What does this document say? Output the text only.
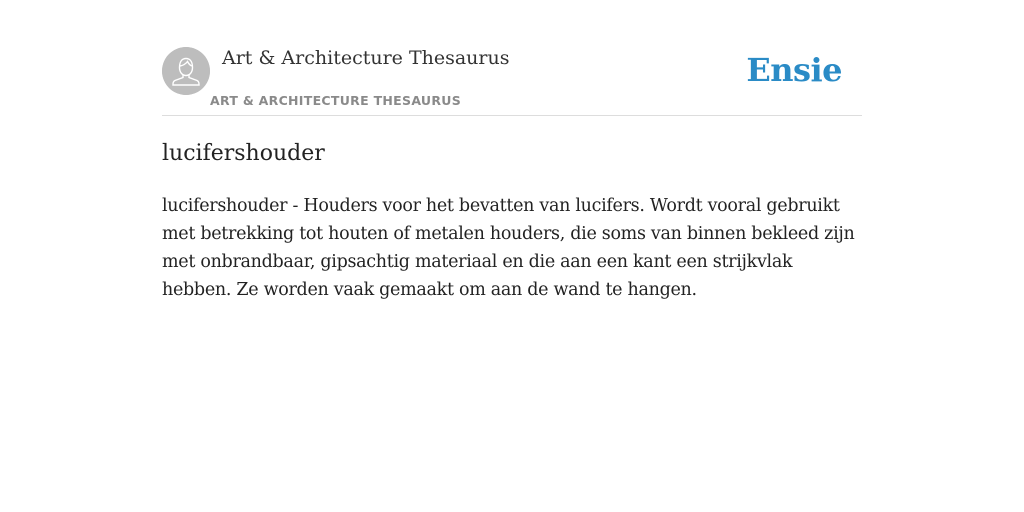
Art & Architecture Thesaurus
ART & ARCHITECTURE THESAURUS
Ensie
lucifershouder

lucifershouder - Houders voor het bevatten van lucifers. Wordt vooral gebruikt met betrekking tot houten of metalen houders, die soms van binnen bekleed zijn met onbrandbaar, gipsachtig materiaal en die aan een kant een strijkvlak hebben. Ze worden vaak gemaakt om aan de wand te hangen.
